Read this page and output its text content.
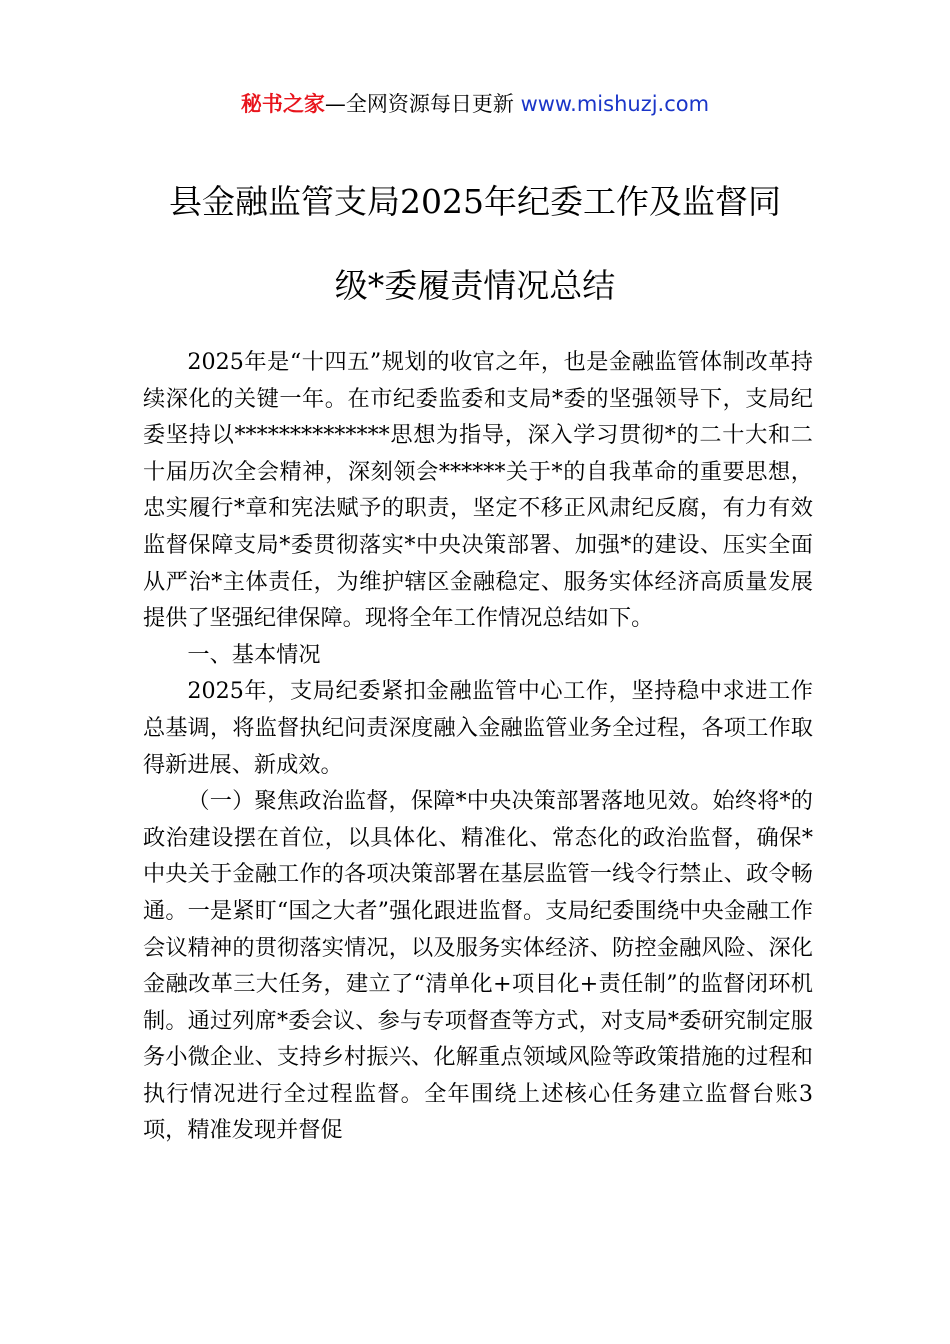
秘书之家—全网资源每日更新 www.mishuzj.com
县金融监管支局2025年纪委工作及监督同
级*委履责情况总结

2025年是“十四五”规划的收官之年，也是金融监管体制改革持续深化的关键一年。在市纪委监委和支局*委的坚强领导下，支局纪委坚持以**************思想为指导，深入学习贯彻*的二十大和二十届历次全会精神，深刻领会******关于*的自我革命的重要思想，忠实履行*章和宪法赋予的职责，坚定不移正风肃纪反腐，有力有效监督保障支局*委贯彻落实*中央决策部署、加强*的建设、压实全面从严治*主体责任，为维护辖区金融稳定、服务实体经济高质量发展提供了坚强纪律保障。现将全年工作情况总结如下。

一、基本情况

2025年，支局纪委紧扣金融监管中心工作，坚持稳中求进工作总基调，将监督执纪问责深度融入金融监管业务全过程，各项工作取得新进展、新成效。

（一）聚焦政治监督，保障*中央决策部署落地见效。始终将*的政治建设摆在首位，以具体化、精准化、常态化的政治监督，确保*中央关于金融工作的各项决策部署在基层监管一线令行禁止、政令畅通。一是紧盯“国之大者”强化跟进监督。支局纪委围绕中央金融工作会议精神的贯彻落实情况，以及服务实体经济、防控金融风险、深化金融改革三大任务，建立了“清单化+项目化+责任制”的监督闭环机制。通过列席*委会议、参与专项督查等方式，对支局*委研究制定服务小微企业、支持乡村振兴、化解重点领域风险等政策措施的过程和执行情况进行全过程监督。全年围绕上述核心任务建立监督台账3项，精准发现并督促
